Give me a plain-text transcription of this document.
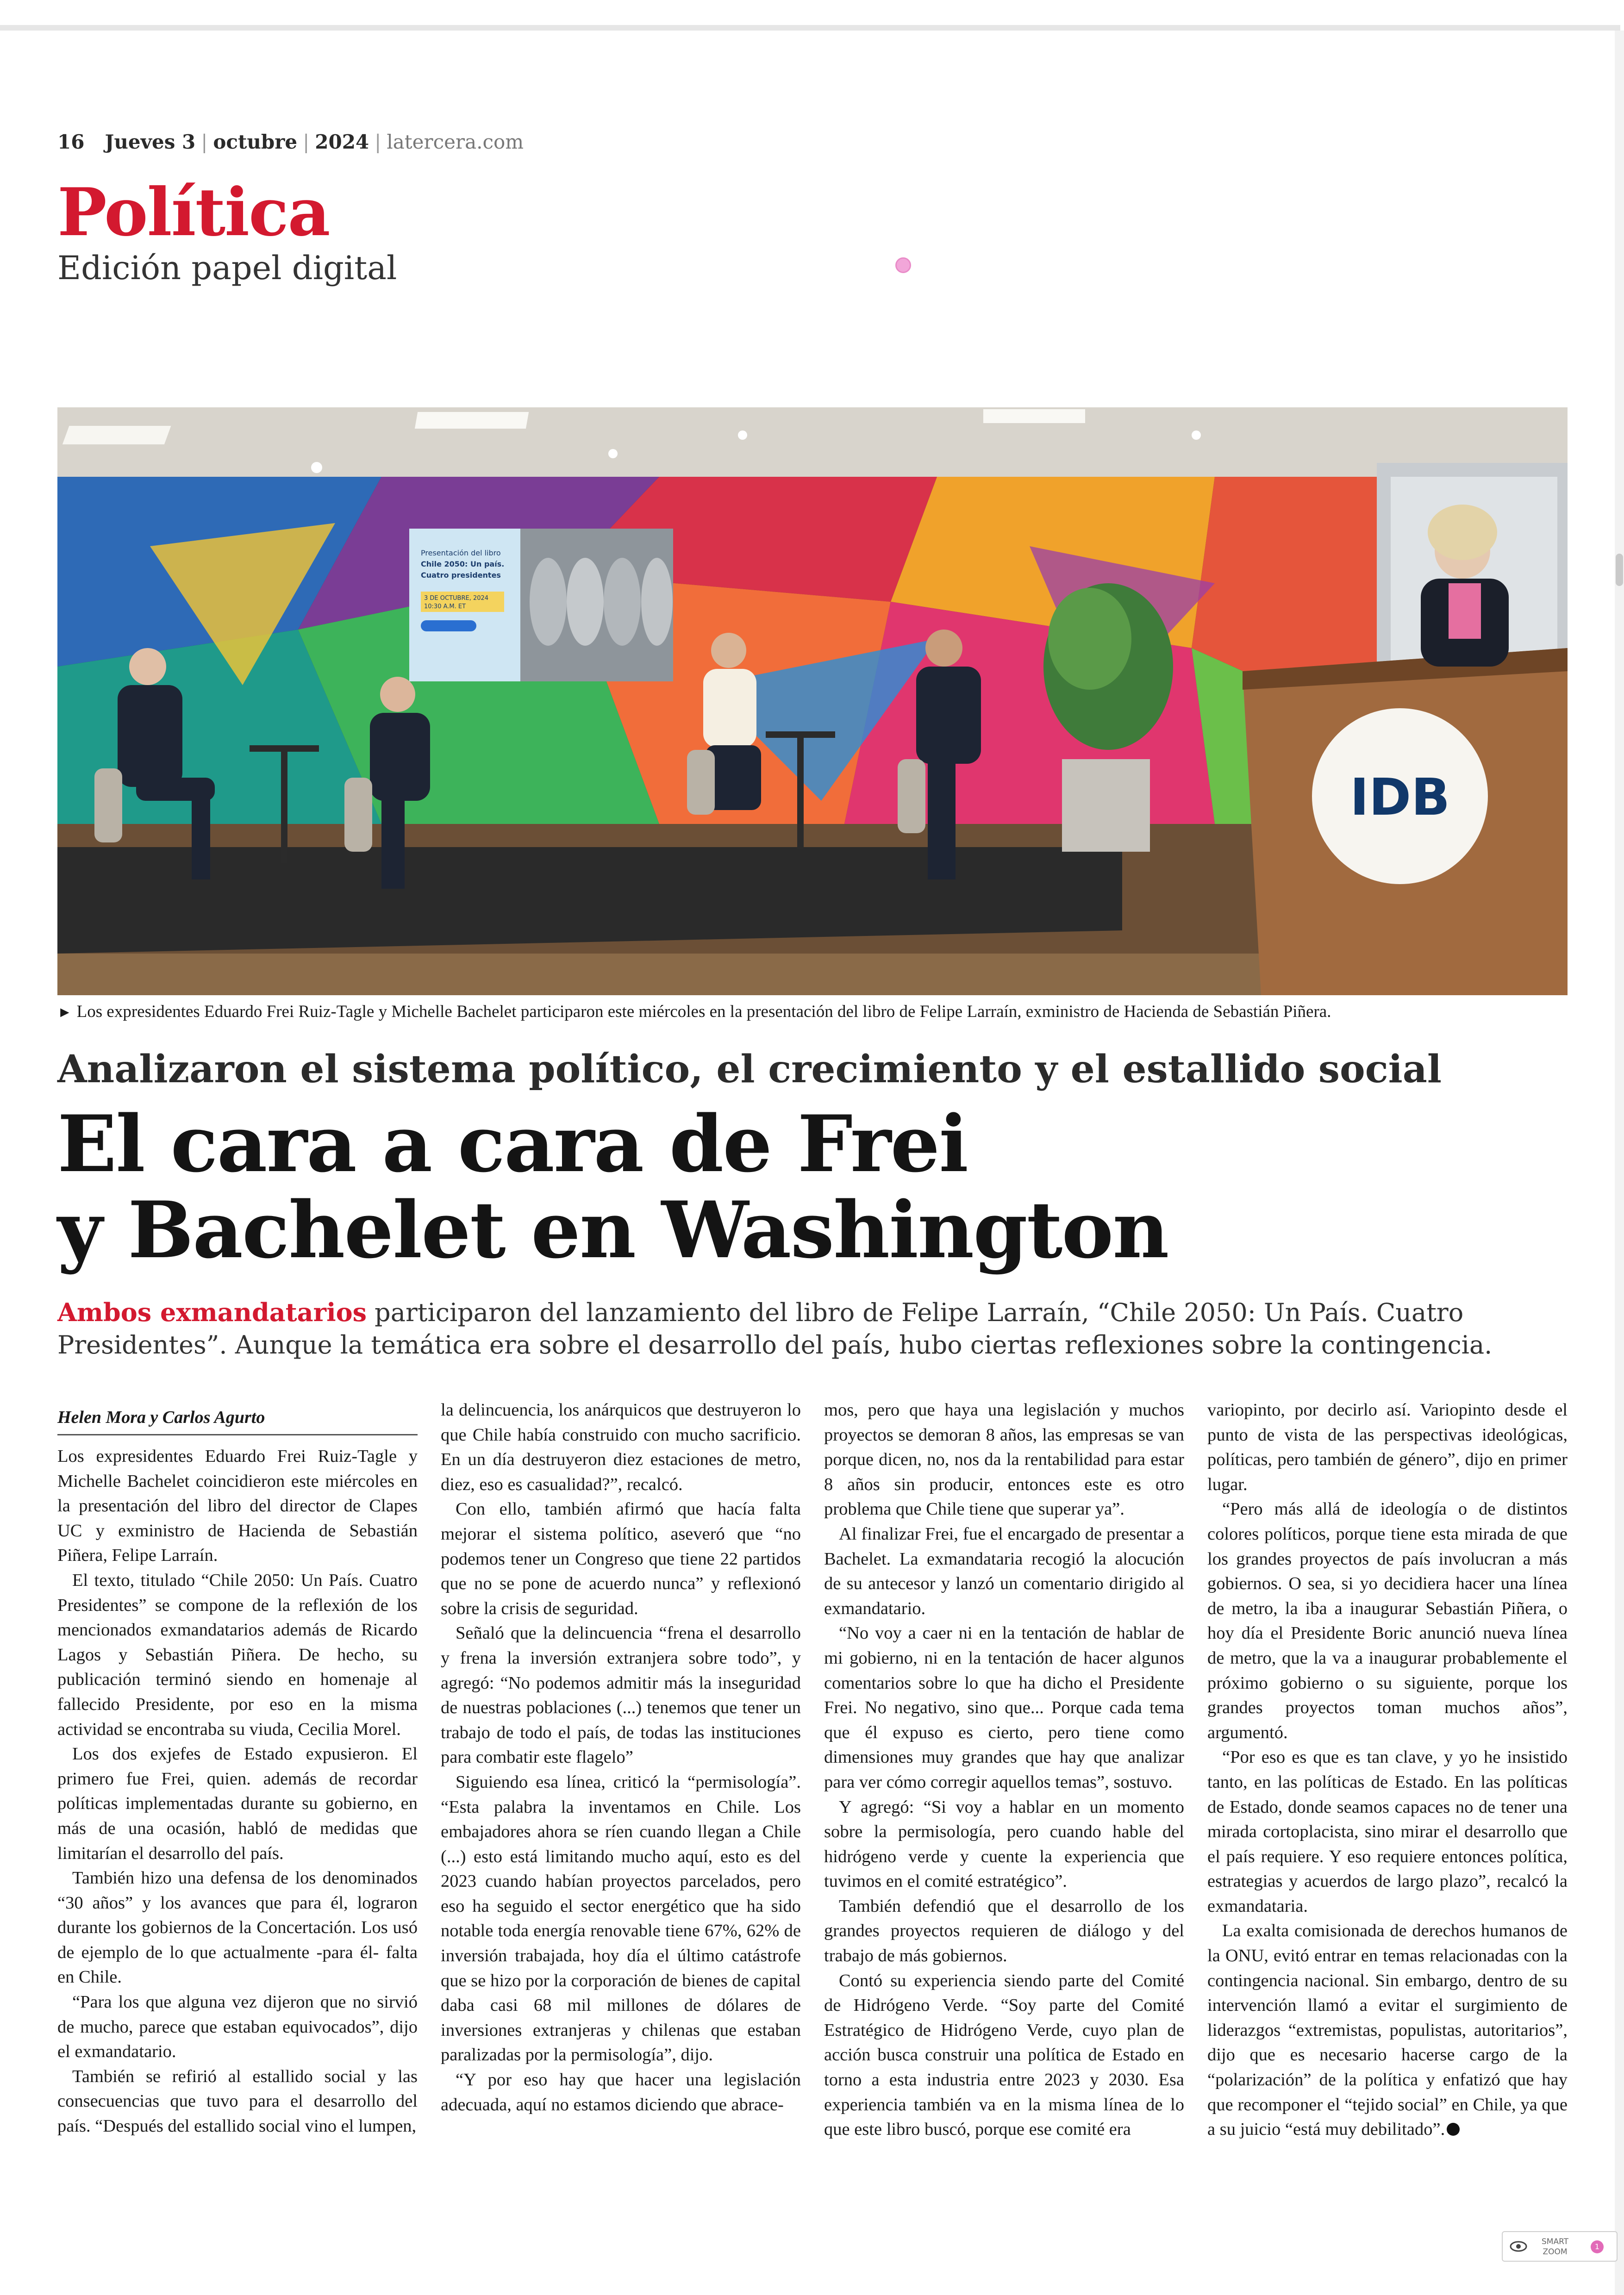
16 Jueves 3 | octubre | 2024 | latercera.com
Política
Edición papel digital
Presentación del libro
Chile 2050: Un país.
Cuatro presidentes
3 DE OCTUBRE, 2024
10:30 A.M. ET
IDB
► Los expresidentes Eduardo Frei Ruiz-Tagle y Michelle Bachelet participaron este miércoles en la presentación del libro de Felipe Larraín, exministro de Hacienda de Sebastián Piñera.
Analizaron el sistema político, el crecimiento y el estallido social
El cara a cara de Frei
y Bachelet en Washington
Ambos exmandatarios participaron del lanzamiento del libro de Felipe Larraín, “Chile 2050: Un País. Cuatro Presidentes”. Aunque la temática era sobre el desarrollo del país, hubo ciertas reflexiones sobre la contingencia.
Helen Mora y Carlos Agurto

Los expresidentes Eduardo Frei Ruiz-Tagle y Michelle Bachelet coincidieron este miércoles en la presentación del libro del director de Clapes UC y exministro de Hacienda de Sebastián Piñera, Felipe Larraín.

El texto, titulado “Chile 2050: Un País. Cuatro Presidentes” se compone de la reflexión de los mencionados exmandatarios además de Ricardo Lagos y Sebastián Piñera. De hecho, su publicación terminó siendo en homenaje al fallecido Presidente, por eso en la misma actividad se encontraba su viuda, Cecilia Morel.

Los dos exjefes de Estado expusieron. El primero fue Frei, quien. además de recordar políticas implementadas durante su gobierno, en más de una ocasión, habló de medidas que limitarían el desarrollo del país.

También hizo una defensa de los denominados “30 años” y los avances que para él, lograron durante los gobiernos de la Concertación. Los usó de ejemplo de lo que actualmente -para él- falta en Chile.

“Para los que alguna vez dijeron que no sirvió de mucho, parece que estaban equivocados”, dijo el exmandatario.

También se refirió al estallido social y las consecuencias que tuvo para el desarrollo del país. “Después del estallido social vino el lumpen,

la delincuencia, los anárquicos que destruyeron lo que Chile había construido con mucho sacrificio. En un día destruyeron diez estaciones de metro, diez, eso es casualidad?”, recalcó.

Con ello, también afirmó que hacía falta mejorar el sistema político, aseveró que “no podemos tener un Congreso que tiene 22 partidos que no se pone de acuerdo nunca” y reflexionó sobre la crisis de seguridad.

Señaló que la delincuencia “frena el desarrollo y frena la inversión extranjera sobre todo”, y agregó: “No podemos admitir más la inseguridad de nuestras poblaciones (...) tenemos que tener un trabajo de todo el país, de todas las instituciones para combatir este flagelo”

Siguiendo esa línea, criticó la “permisología”. “Esta palabra la inventamos en Chile. Los embajadores ahora se ríen cuando llegan a Chile (...) esto está limitando mucho aquí, esto es del 2023 cuando habían proyectos parcelados, pero eso ha seguido el sector energético que ha sido notable toda energía renovable tiene 67%, 62% de inversión trabajada, hoy día el último catástrofe que se hizo por la corporación de bienes de capital daba casi 68 mil millones de dólares de inversiones extranjeras y chilenas que estaban paralizadas por la permisología”, dijo.

“Y por eso hay que hacer una legislación adecuada, aquí no estamos diciendo que abrace-

mos, pero que haya una legislación y muchos proyectos se demoran 8 años, las empresas se van porque dicen, no, nos da la rentabilidad para estar 8 años sin producir, entonces este es otro problema que Chile tiene que superar ya”.

Al finalizar Frei, fue el encargado de presentar a Bachelet. La exmandataria recogió la alocución de su antecesor y lanzó un comentario dirigido al exmandatario.

“No voy a caer ni en la tentación de hablar de mi gobierno, ni en la tentación de hacer algunos comentarios sobre lo que ha dicho el Presidente Frei. No negativo, sino que... Porque cada tema que él expuso es cierto, pero tiene como dimensiones muy grandes que hay que analizar para ver cómo corregir aquellos temas”, sostuvo.

Y agregó: “Si voy a hablar en un momento sobre la permisología, pero cuando hable del hidrógeno verde y cuente la experiencia que tuvimos en el comité estratégico”.

También defendió que el desarrollo de los grandes proyectos requieren de diálogo y del trabajo de más gobiernos.

Contó su experiencia siendo parte del Comité de Hidrógeno Verde. “Soy parte del Comité Estratégico de Hidrógeno Verde, cuyo plan de acción busca construir una política de Estado en torno a esta industria entre 2023 y 2030. Esa experiencia también va en la misma línea de lo que este libro buscó, porque ese comité era

variopinto, por decirlo así. Variopinto desde el punto de vista de las perspectivas ideológicas, políticas, pero también de género”, dijo en primer lugar.

“Pero más allá de ideología o de distintos colores políticos, porque tiene esta mirada de que los grandes proyectos de país involucran a más gobiernos. O sea, si yo decidiera hacer una línea de metro, la iba a inaugurar Sebastián Piñera, o hoy día el Presidente Boric anunció nueva línea de metro, que la va a inaugurar probablemente el próximo gobierno o su siguiente, porque los grandes proyectos toman muchos años”, argumentó.

“Por eso es que es tan clave, y yo he insistido tanto, en las políticas de Estado. En las políticas de Estado, donde seamos capaces no de tener una mirada cortoplacista, sino mirar el desarrollo que el país requiere. Y eso requiere entonces política, estrategias y acuerdos de largo plazo”, recalcó la exmandataria.

La exalta comisionada de derechos humanos de la ONU, evitó entrar en temas relacionadas con la contingencia nacional. Sin embargo, dentro de su intervención llamó a evitar el surgimiento de liderazgos “extremistas, populistas, autoritarios”, dijo que es necesario hacerse cargo de la “polarización” de la política y enfatizó que hay que recomponer el “tejido social” en Chile, ya que a su juicio “está muy debilitado”.

SMART
ZOOM
1
